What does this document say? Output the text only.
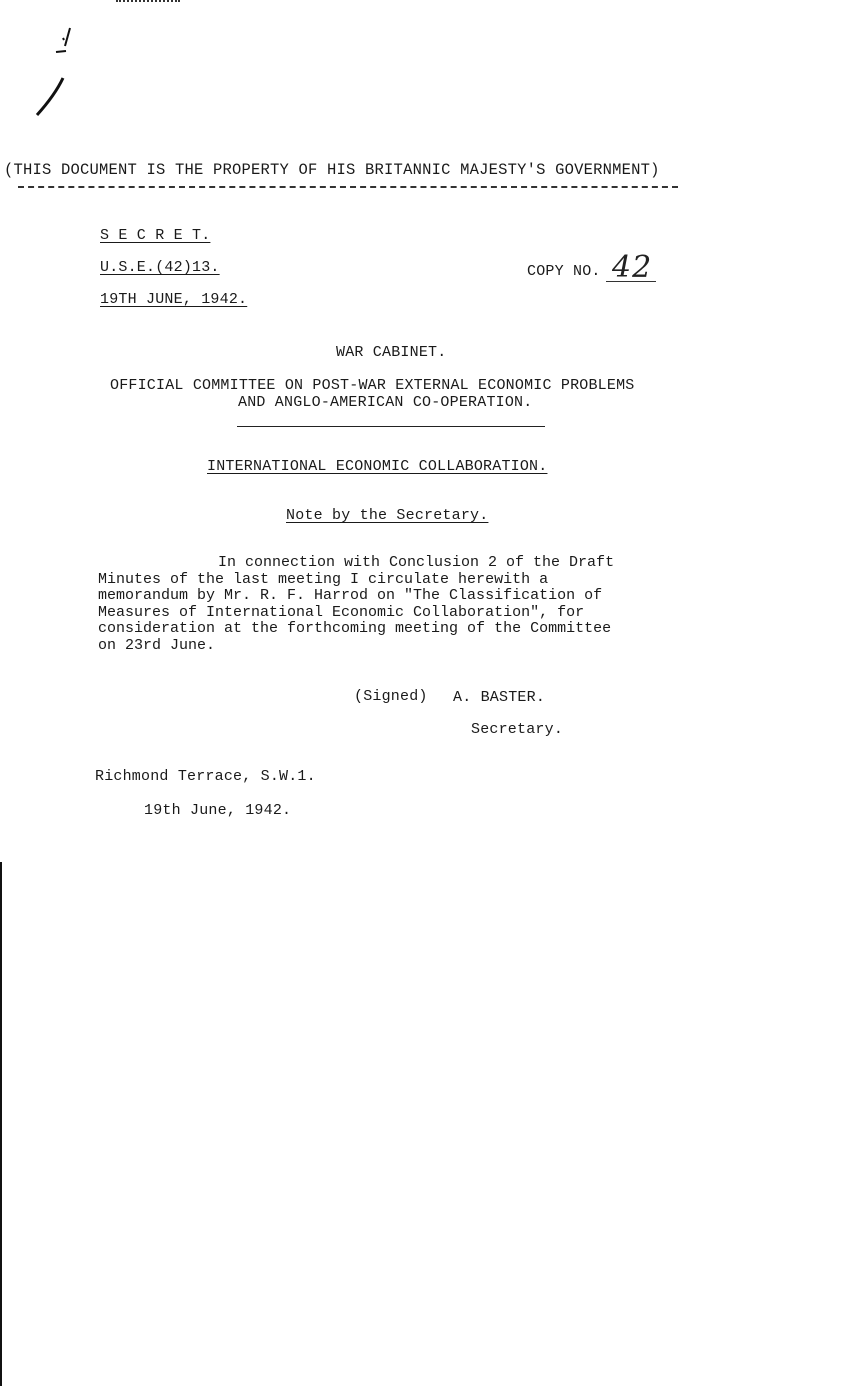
(THIS DOCUMENT IS THE PROPERTY OF HIS BRITANNIC MAJESTY'S GOVERNMENT)
S E C R E T.
U.S.E.(42)13.
19TH JUNE, 1942.
COPY NO. 42
WAR CABINET.
OFFICIAL COMMITTEE ON POST-WAR EXTERNAL ECONOMIC PROBLEMS
AND ANGLO-AMERICAN CO-OPERATION.
INTERNATIONAL ECONOMIC COLLABORATION.
Note by the Secretary.
In connection with Conclusion 2 of the Draft
Minutes of the last meeting I circulate herewith a
memorandum by Mr. R. F. Harrod on "The Classification of
Measures of International Economic Collaboration", for
consideration at the forthcoming meeting of the Committee
on 23rd June.
(Signed) A. BASTER.
Secretary.
Richmond Terrace, S.W.1.
19th June, 1942.
